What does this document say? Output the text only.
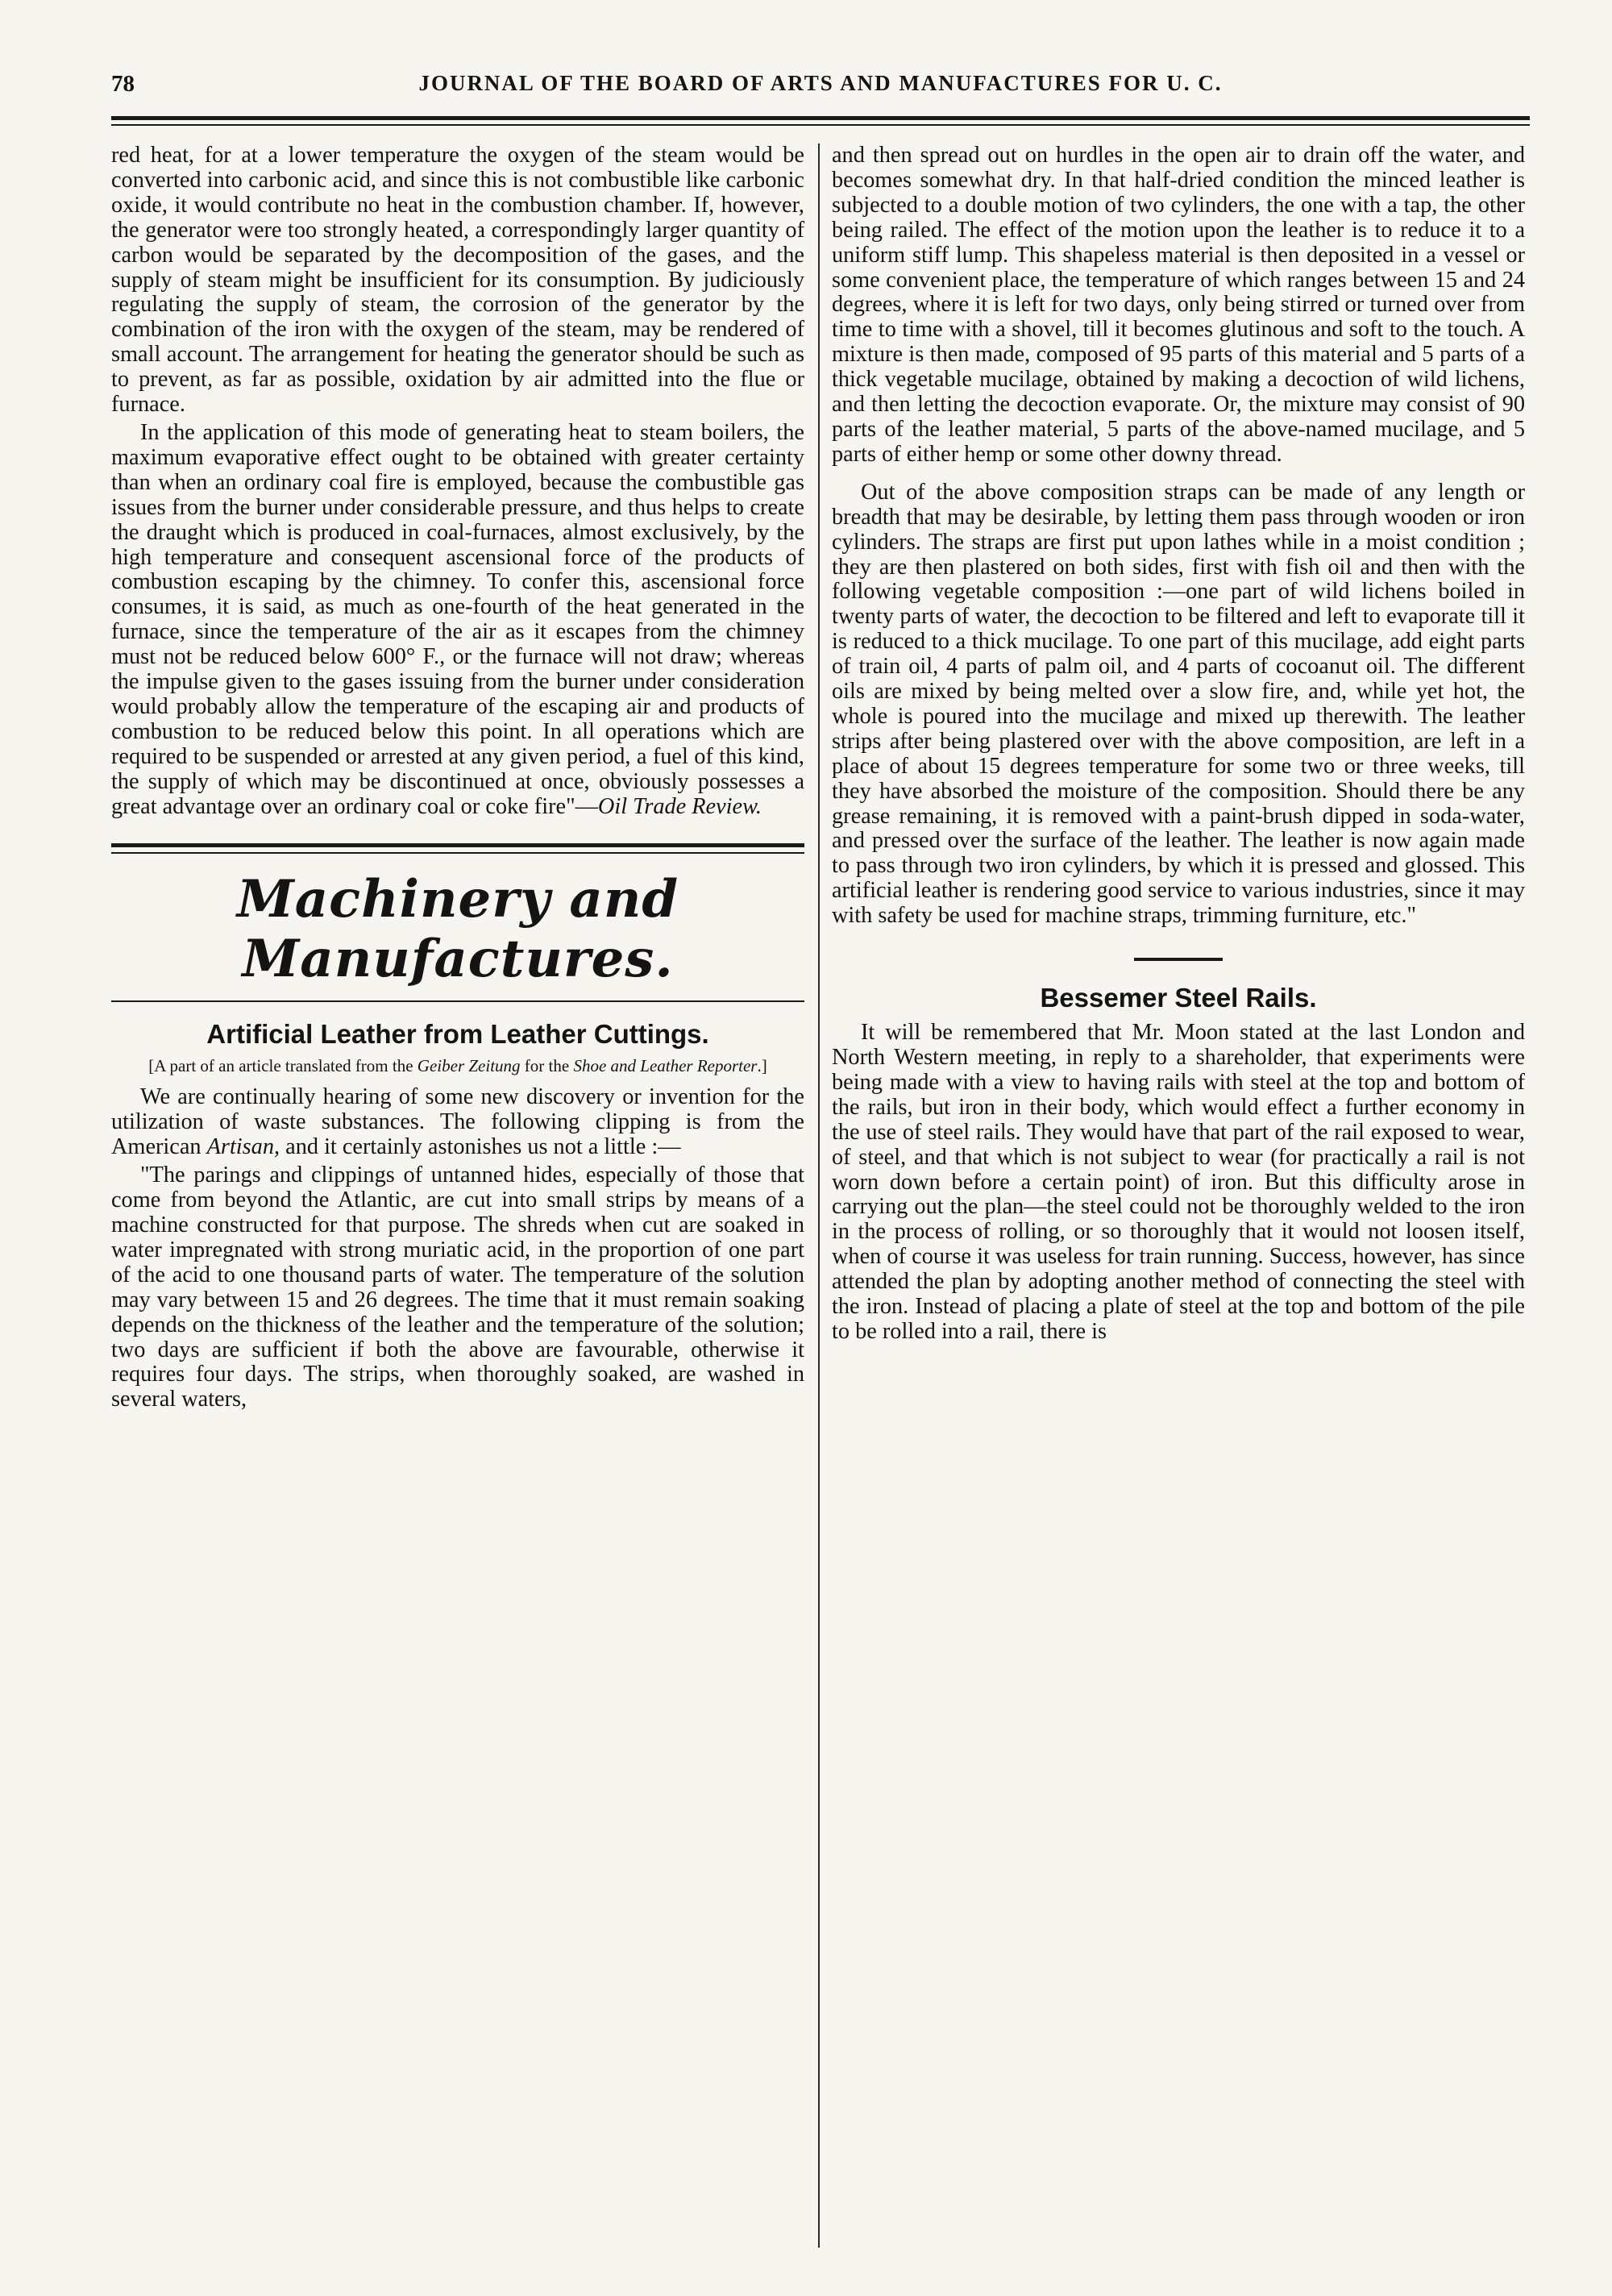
78	JOURNAL OF THE BOARD OF ARTS AND MANUFACTURES FOR U. C.

red heat, for at a lower temperature the oxygen of the steam would be converted into carbonic acid, and since this is not combustible like carbonic oxide, it would contribute no heat in the combustion chamber. If, however, the generator were too strongly heated, a correspondingly larger quantity of carbon would be separated by the decomposition of the gases, and the supply of steam might be insufficient for its consumption. By judiciously regulating the supply of steam, the corrosion of the generator by the combination of the iron with the oxygen of the steam, may be rendered of small account. The arrangement for heating the generator should be such as to prevent, as far as possible, oxidation by air admitted into the flue or furnace.

In the application of this mode of generating heat to steam boilers, the maximum evaporative effect ought to be obtained with greater certainty than when an ordinary coal fire is employed, because the combustible gas issues from the burner under considerable pressure, and thus helps to create the draught which is produced in coal-furnaces, almost exclusively, by the high temperature and consequent ascensional force of the products of combustion escaping by the chimney. To confer this, ascensional force consumes, it is said, as much as one-fourth of the heat generated in the furnace, since the temperature of the air as it escapes from the chimney must not be reduced below 600° F., or the furnace will not draw; whereas the impulse given to the gases issuing from the burner under consideration would probably allow the temperature of the escaping air and products of combustion to be reduced below this point. In all operations which are required to be suspended or arrested at any given period, a fuel of this kind, the supply of which may be discontinued at once, obviously possesses a great advantage over an ordinary coal or coke fire"—Oil Trade Review.

Machinery and Manufactures.
Artificial Leather from Leather Cuttings.
[A part of an article translated from the Geiber Zeitung for the Shoe and Leather Reporter.]

We are continually hearing of some new discovery or invention for the utilization of waste substances. The following clipping is from the American Artisan, and it certainly astonishes us not a little :—

"The parings and clippings of untanned hides, especially of those that come from beyond the Atlantic, are cut into small strips by means of a machine constructed for that purpose. The shreds when cut are soaked in water impregnated with strong muriatic acid, in the proportion of one part of the acid to one thousand parts of water. The temperature of the solution may vary between 15 and 26 degrees. The time that it must remain soaking depends on the thickness of the leather and the temperature of the solution; two days are sufficient if both the above are favourable, otherwise it requires four days. The strips, when thoroughly soaked, are washed in several waters,

and then spread out on hurdles in the open air to drain off the water, and becomes somewhat dry. In that half-dried condition the minced leather is subjected to a double motion of two cylinders, the one with a tap, the other being railed. The effect of the motion upon the leather is to reduce it to a uniform stiff lump. This shapeless material is then deposited in a vessel or some convenient place, the temperature of which ranges between 15 and 24 degrees, where it is left for two days, only being stirred or turned over from time to time with a shovel, till it becomes glutinous and soft to the touch. A mixture is then made, composed of 95 parts of this material and 5 parts of a thick vegetable mucilage, obtained by making a decoction of wild lichens, and then letting the decoction evaporate. Or, the mixture may consist of 90 parts of the leather material, 5 parts of the above-named mucilage, and 5 parts of either hemp or some other downy thread.

Out of the above composition straps can be made of any length or breadth that may be desirable, by letting them pass through wooden or iron cylinders. The straps are first put upon lathes while in a moist condition ; they are then plastered on both sides, first with fish oil and then with the following vegetable composition :—one part of wild lichens boiled in twenty parts of water, the decoction to be filtered and left to evaporate till it is reduced to a thick mucilage. To one part of this mucilage, add eight parts of train oil, 4 parts of palm oil, and 4 parts of cocoanut oil. The different oils are mixed by being melted over a slow fire, and, while yet hot, the whole is poured into the mucilage and mixed up therewith. The leather strips after being plastered over with the above composition, are left in a place of about 15 degrees temperature for some two or three weeks, till they have absorbed the moisture of the composition. Should there be any grease remaining, it is removed with a paint-brush dipped in soda-water, and pressed over the surface of the leather. The leather is now again made to pass through two iron cylinders, by which it is pressed and glossed. This artificial leather is rendering good service to various industries, since it may with safety be used for machine straps, trimming furniture, etc."

Bessemer Steel Rails.

It will be remembered that Mr. Moon stated at the last London and North Western meeting, in reply to a shareholder, that experiments were being made with a view to having rails with steel at the top and bottom of the rails, but iron in their body, which would effect a further economy in the use of steel rails. They would have that part of the rail exposed to wear, of steel, and that which is not subject to wear (for practically a rail is not worn down before a certain point) of iron. But this difficulty arose in carrying out the plan—the steel could not be thoroughly welded to the iron in the process of rolling, or so thoroughly that it would not loosen itself, when of course it was useless for train running. Success, however, has since attended the plan by adopting another method of connecting the steel with the iron. Instead of placing a plate of steel at the top and bottom of the pile to be rolled into a rail, there is
